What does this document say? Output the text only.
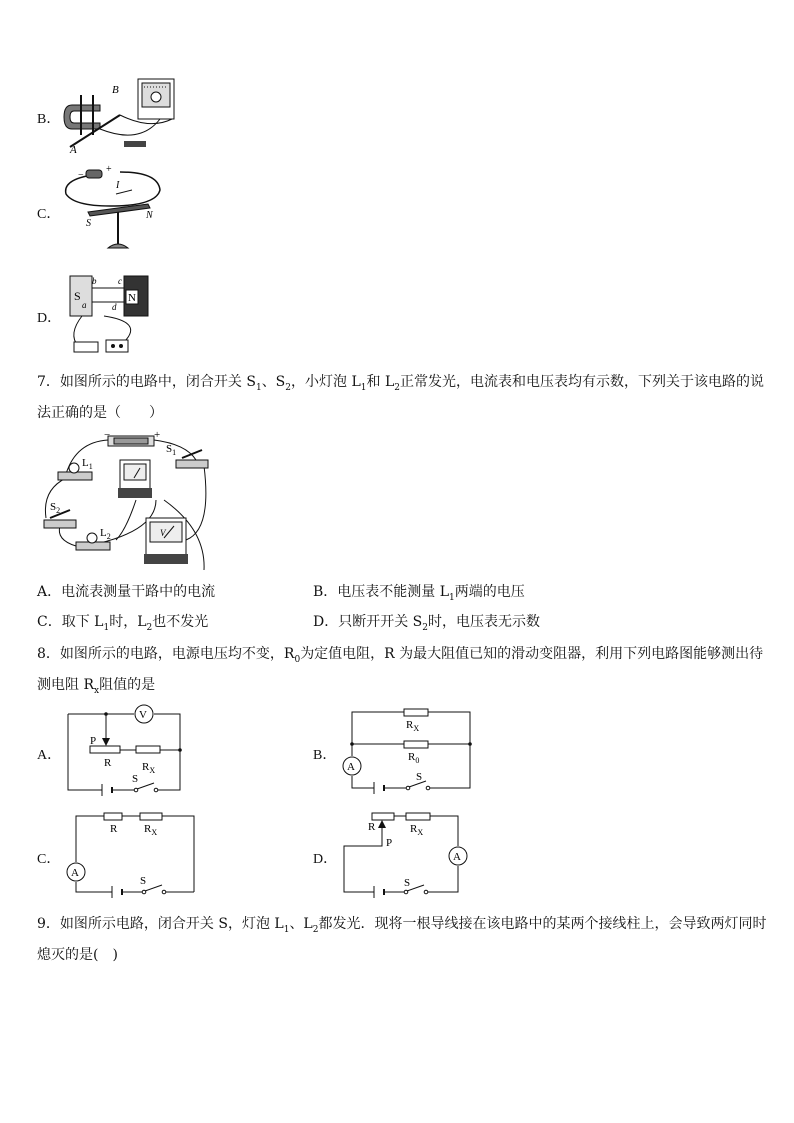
B．
A
B
C．
−
+
I
S
N
D．
S	N
b c
a	d
7．如图所示的电路中，闭合开关 $S_1$、$S_2$，小灯泡 $L_1$和 $L_2$正常发光，电流表和电压表均有示数，下列关于该电路的说
法正确的是（　　）
$L_1$
$S_1$
$S_2$
$L_2$	V
−	+
A．电流表测量干路中的电流	B．电压表不能测量 $L_1$两端的电压
C．取下 $L_1$时，$L_2$也不发光	D．只断开开关 $S_2$时，电压表无示数
8．如图所示的电路，电源电压均不变，$R_0$为定值电阻，R 为最大阻值已知的滑动变阻器，利用下列电路图能够测出待
测电阻 $R_x$阻值的是
A．
V
P
R	$R_X$
S
B．
$R_X$
$R_0$
A
S
C．
R $R_X$
A
S
D．
R
P
$R_X$
A
S
9．如图所示电路，闭合开关 S，灯泡 $L_1$、$L_2$都发光．现将一根导线接在该电路中的某两个接线柱上，会导致两灯同时
熄灭的是(　)
